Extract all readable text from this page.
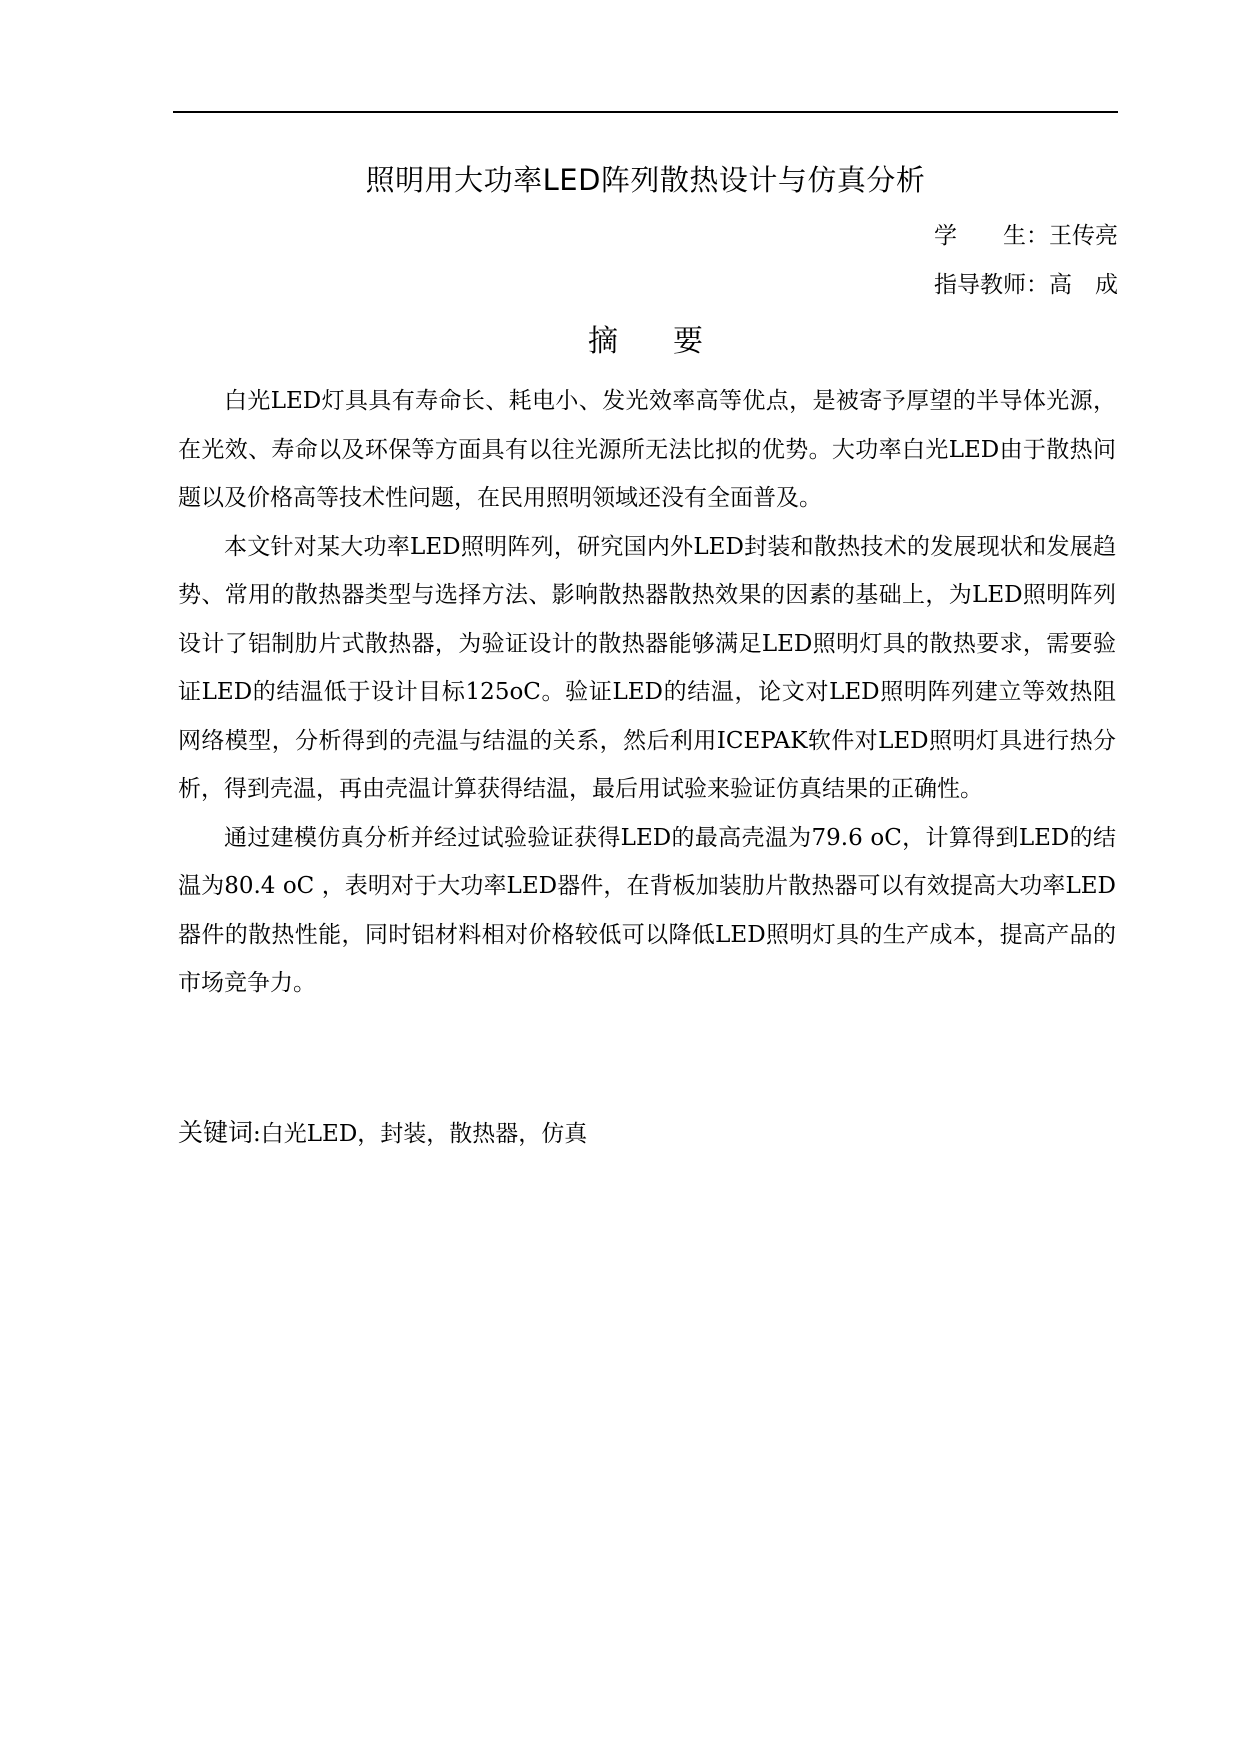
照明用大功率LED阵列散热设计与仿真分析
学　　生：王传亮
指导教师：高　成
摘要

白光LED灯具具有寿命长、耗电小、发光效率高等优点，是被寄予厚望的半导体光源，在光效、寿命以及环保等方面具有以往光源所无法比拟的优势。大功率白光LED由于散热问题以及价格高等技术性问题，在民用照明领域还没有全面普及。

本文针对某大功率LED照明阵列，研究国内外LED封装和散热技术的发展现状和发展趋势、常用的散热器类型与选择方法、影响散热器散热效果的因素的基础上，为LED照明阵列设计了铝制肋片式散热器，为验证设计的散热器能够满足LED照明灯具的散热要求，需要验证LED的结温低于设计目标125oC。验证LED的结温，论文对LED照明阵列建立等效热阻网络模型，分析得到的壳温与结温的关系，然后利用ICEPAK软件对LED照明灯具进行热分析，得到壳温，再由壳温计算获得结温，最后用试验来验证仿真结果的正确性。

通过建模仿真分析并经过试验验证获得LED的最高壳温为79.6 oC，计算得到LED的结温为80.4 oC ，表明对于大功率LED器件，在背板加装肋片散热器可以有效提高大功率LED器件的散热性能，同时铝材料相对价格较低可以降低LED照明灯具的生产成本，提高产品的市场竞争力。

关键词:白光LED，封装，散热器，仿真
